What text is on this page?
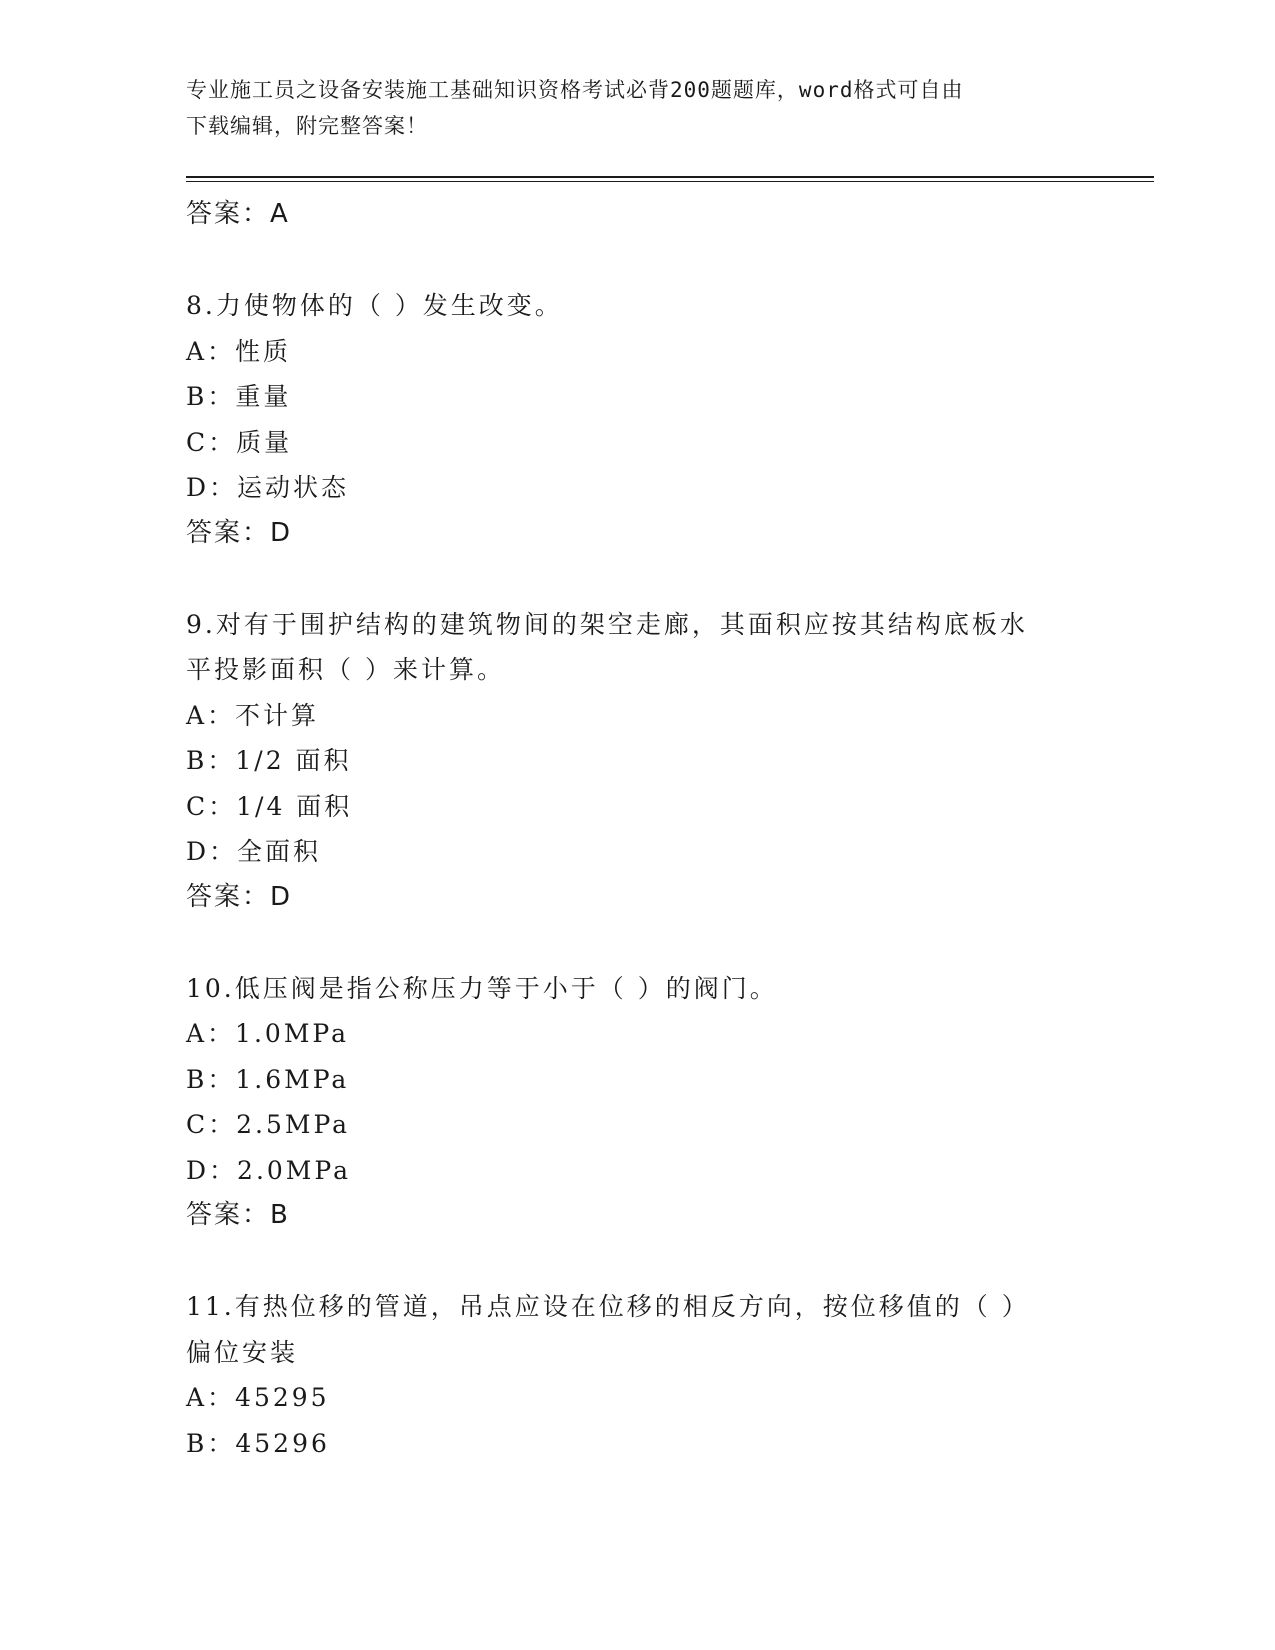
专业施工员之设备安装施工基础知识资格考试必背200题题库，word格式可自由
下载编辑，附完整答案！
答案：A
8.力使物体的（ ）发生改变。
A：性质
B：重量
C：质量
D：运动状态
答案：D
9.对有于围护结构的建筑物间的架空走廊，其面积应按其结构底板水
平投影面积（ ）来计算。
A：不计算
B：1/2 面积
C：1/4 面积
D：全面积
答案：D
10.低压阀是指公称压力等于小于（ ）的阀门。
A：1.0MPa
B：1.6MPa
C：2.5MPa
D：2.0MPa
答案：B
11.有热位移的管道，吊点应设在位移的相反方向，按位移值的（ ）
偏位安装
A：45295
B：45296
